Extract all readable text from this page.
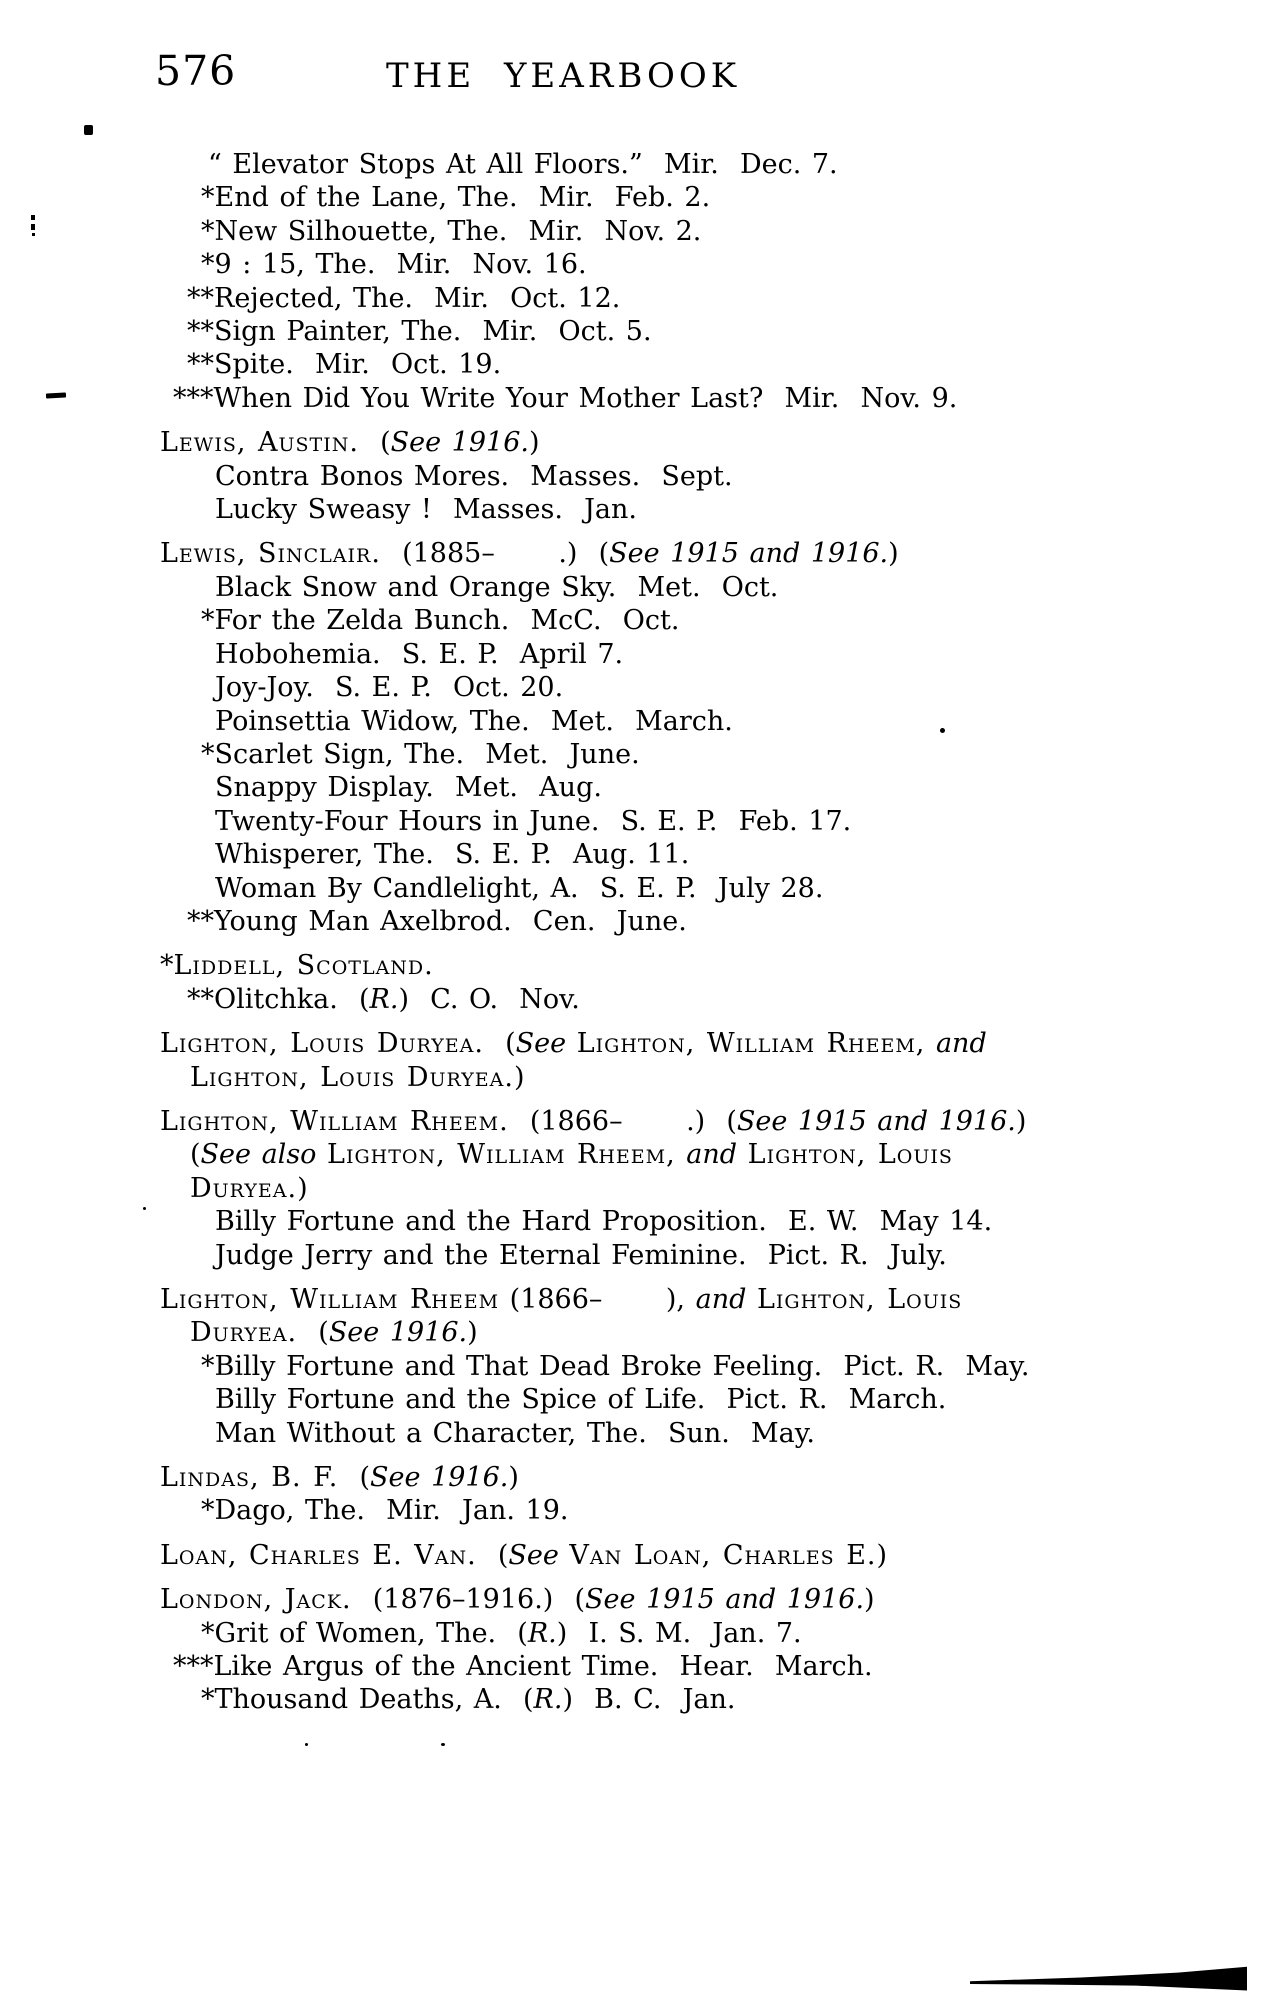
576	THE YEARBOOK
“ Elevator Stops At All Floors.”  Mir.  Dec. 7.
*End of the Lane, The.  Mir.  Feb. 2.
*New Silhouette, The.  Mir.  Nov. 2.
*9 : 15, The.  Mir.  Nov. 16.
**Rejected, The.  Mir.  Oct. 12.
**Sign Painter, The.  Mir.  Oct. 5.
**Spite.  Mir.  Oct. 19.
***When Did You Write Your Mother Last?  Mir.  Nov. 9.
Lewis, Austin.  (See 1916.)
Contra Bonos Mores.  Masses.  Sept.
Lucky Sweasy !  Masses.  Jan.
Lewis, Sinclair.  (1885–      .)  (See 1915 and 1916.)
Black Snow and Orange Sky.  Met.  Oct.
*For the Zelda Bunch.  McC.  Oct.
Hobohemia.  S. E. P.  April 7.
Joy-Joy.  S. E. P.  Oct. 20.
Poinsettia Widow, The.  Met.  March.
*Scarlet Sign, The.  Met.  June.
Snappy Display.  Met.  Aug.
Twenty-Four Hours in June.  S. E. P.  Feb. 17.
Whisperer, The.  S. E. P.  Aug. 11.
Woman By Candlelight, A.  S. E. P.  July 28.
**Young Man Axelbrod.  Cen.  June.
*Liddell, Scotland.
**Olitchka.  (R.)  C. O.  Nov.
Lighton, Louis Duryea.  (See Lighton, William Rheem, and
Lighton, Louis Duryea.)
Lighton, William Rheem.  (1866–      .)  (See 1915 and 1916.)
(See also Lighton, William Rheem, and Lighton, Louis
Duryea.)
Billy Fortune and the Hard Proposition.  E. W.  May 14.
Judge Jerry and the Eternal Feminine.  Pict. R.  July.
Lighton, William Rheem (1866–      ), and Lighton, Louis
Duryea.  (See 1916.)
*Billy Fortune and That Dead Broke Feeling.  Pict. R.  May.
Billy Fortune and the Spice of Life.  Pict. R.  March.
Man Without a Character, The.  Sun.  May.
Lindas, B. F.  (See 1916.)
*Dago, The.  Mir.  Jan. 19.
Loan, Charles E. Van.  (See Van Loan, Charles E.)
London, Jack.  (1876–1916.)  (See 1915 and 1916.)
*Grit of Women, The.  (R.)  I. S. M.  Jan. 7.
***Like Argus of the Ancient Time.  Hear.  March.
*Thousand Deaths, A.  (R.)  B. C.  Jan.
